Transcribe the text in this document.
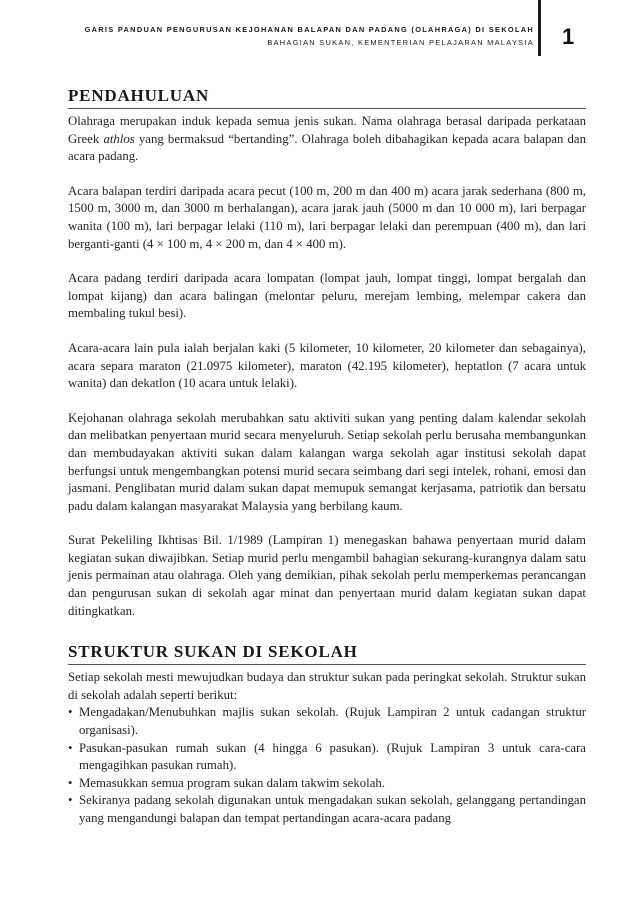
GARIS PANDUAN PENGURUSAN KEJOHANAN BALAPAN DAN PADANG (OLAHRAGA) DI SEKOLAH
BAHAGIAN SUKAN, KEMENTERIAN PELAJARAN MALAYSIA 1
PENDAHULUAN

Olahraga merupakan induk kepada semua jenis sukan. Nama olahraga berasal daripada perkataan Greek athlos yang bermaksud “bertanding”. Olahraga boleh dibahagikan kepada acara balapan dan acara padang.

Acara balapan terdiri daripada acara pecut (100 m, 200 m dan 400 m) acara jarak sederhana (800 m, 1500 m, 3000 m, dan 3000 m berhalangan), acara jarak jauh (5000 m dan 10 000 m), lari berpagar wanita (100 m), lari berpagar lelaki (110 m), lari berpagar lelaki dan perempuan (400 m), dan lari berganti-ganti (4 × 100 m, 4 × 200 m, dan 4 × 400 m).

Acara padang terdiri daripada acara lompatan (lompat jauh, lompat tinggi, lompat bergalah dan lompat kijang) dan acara balingan (melontar peluru, merejam lembing, melempar cakera dan membaling tukul besi).

Acara-acara lain pula ialah berjalan kaki (5 kilometer, 10 kilometer, 20 kilometer dan sebagainya), acara separa maraton (21.0975 kilometer), maraton (42.195 kilometer), heptatlon (7 acara untuk wanita) dan dekatlon (10 acara untuk lelaki).

Kejohanan olahraga sekolah merubahkan satu aktiviti sukan yang penting dalam kalendar sekolah dan melibatkan penyertaan murid secara menyeluruh. Setiap sekolah perlu berusaha membangunkan dan membudayakan aktiviti sukan dalam kalangan warga sekolah agar institusi sekolah dapat berfungsi untuk mengembangkan potensi murid secara seimbang dari segi intelek, rohani, emosi dan jasmani. Penglibatan murid dalam sukan dapat memupuk semangat kerjasama, patriotik dan bersatu padu dalam kalangan masyarakat Malaysia yang berbilang kaum.

Surat Pekeliling Ikhtisas Bil. 1/1989 (Lampiran 1) menegaskan bahawa penyertaan murid dalam kegiatan sukan diwajibkan. Setiap murid perlu mengambil bahagian sekurang-kurangnya dalam satu jenis permainan atau olahraga. Oleh yang demikian, pihak sekolah perlu memperkemas perancangan dan pengurusan sukan di sekolah agar minat dan penyertaan murid dalam kegiatan sukan dapat ditingkatkan.

STRUKTUR SUKAN DI SEKOLAH
Setiap sekolah mesti mewujudkan budaya dan struktur sukan pada peringkat sekolah. Struktur sukan di sekolah adalah seperti berikut:
• Mengadakan/Menubuhkan majlis sukan sekolah. (Rujuk Lampiran 2 untuk cadangan struktur organisasi).
• Pasukan-pasukan rumah sukan (4 hingga 6 pasukan). (Rujuk Lampiran 3 untuk cara-cara mengagihkan pasukan rumah).
• Memasukkan semua program sukan dalam takwim sekolah.
• Sekiranya padang sekolah digunakan untuk mengadakan sukan sekolah, gelanggang pertandingan yang mengandungi balapan dan tempat pertandingan acara-acara padang
